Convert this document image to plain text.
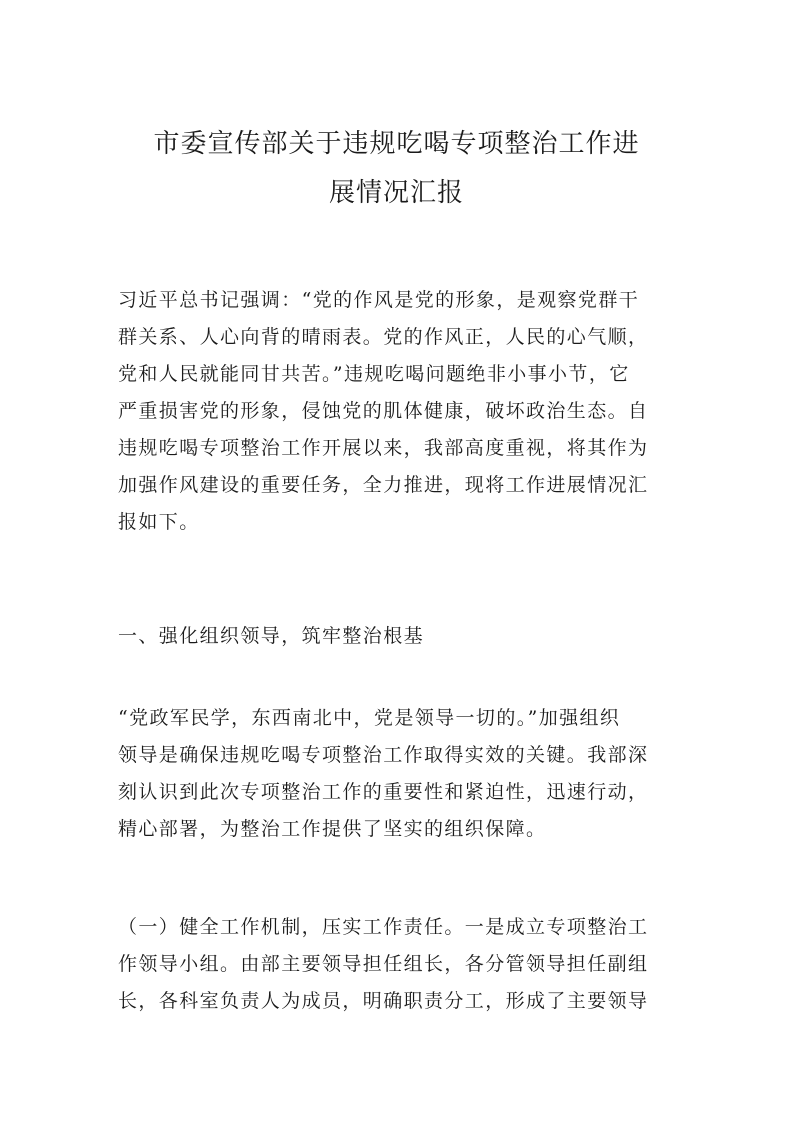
市委宣传部关于违规吃喝专项整治工作进
展情况汇报

习近平总书记强调：“党的作风是党的形象，是观察党群干
群关系、人心向背的晴雨表。党的作风正，人民的心气顺，
党和人民就能同甘共苦。”违规吃喝问题绝非小事小节，它
严重损害党的形象，侵蚀党的肌体健康，破坏政治生态。自
违规吃喝专项整治工作开展以来，我部高度重视，将其作为
加强作风建设的重要任务，全力推进，现将工作进展情况汇
报如下。

一、强化组织领导，筑牢整治根基

“党政军民学，东西南北中，党是领导一切的。”加强组织
领导是确保违规吃喝专项整治工作取得实效的关键。我部深
刻认识到此次专项整治工作的重要性和紧迫性，迅速行动，
精心部署，为整治工作提供了坚实的组织保障。

（一）健全工作机制，压实工作责任。一是成立专项整治工
作领导小组。由部主要领导担任组长，各分管领导担任副组
长，各科室负责人为成员，明确职责分工，形成了主要领导
